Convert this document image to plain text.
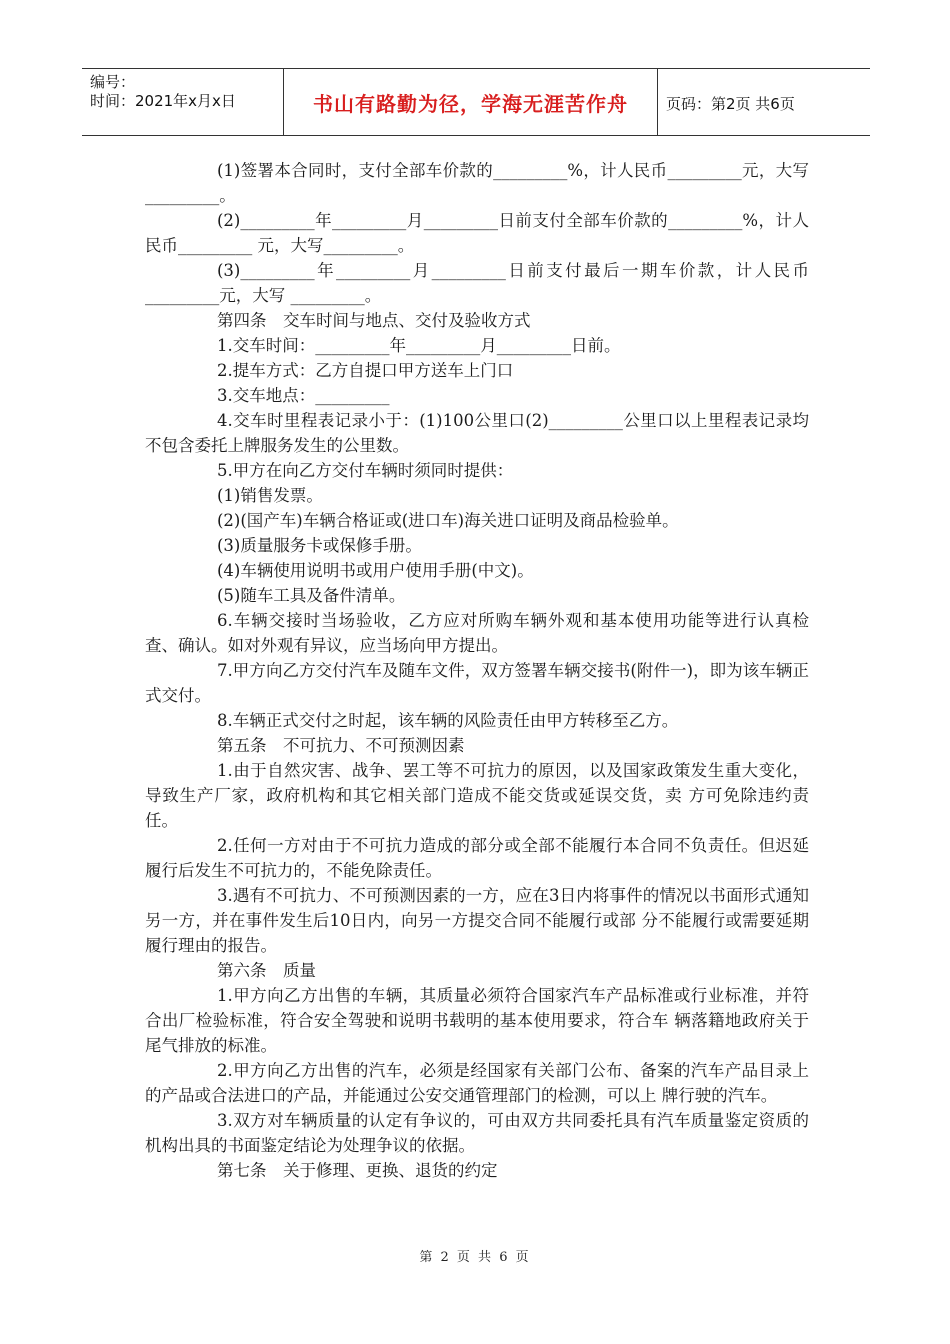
编号：
时间：2021年x月x日	书山有路勤为径，学海无涯苦作舟	页码：第2页 共6页

(1)签署本合同时，支付全部车价款的_________%，计人民币_________元，大写_________。

(2)_________年_________月_________日前支付全部车价款的_________%，计人民币_________ 元，大写_________。

(3)_________年_________月_________日前支付最后一期车价款，计人民币_________元，大写 _________。

第四条　交车时间与地点、交付及验收方式

1.交车时间：_________年_________月_________日前。

2.提车方式：乙方自提口甲方送车上门口

3.交车地点：_________

4.交车时里程表记录小于：(1)100公里口(2)_________公里口以上里程表记录均不包含委托上牌服务发生的公里数。

5.甲方在向乙方交付车辆时须同时提供：

(1)销售发票。

(2)(国产车)车辆合格证或(进口车)海关进口证明及商品检验单。

(3)质量服务卡或保修手册。

(4)车辆使用说明书或用户使用手册(中文)。

(5)随车工具及备件清单。

6.车辆交接时当场验收，乙方应对所购车辆外观和基本使用功能等进行认真检查、确认。如对外观有异议，应当场向甲方提出。

7.甲方向乙方交付汽车及随车文件，双方签署车辆交接书(附件一)，即为该车辆正式交付。

8.车辆正式交付之时起，该车辆的风险责任由甲方转移至乙方。

第五条　不可抗力、不可预测因素

1.由于自然灾害、战争、罢工等不可抗力的原因，以及国家政策发生重大变化，导致生产厂家，政府机构和其它相关部门造成不能交货或延误交货，卖 方可免除违约责任。

2.任何一方对由于不可抗力造成的部分或全部不能履行本合同不负责任。但迟延履行后发生不可抗力的，不能免除责任。

3.遇有不可抗力、不可预测因素的一方，应在3日内将事件的情况以书面形式通知另一方，并在事件发生后10日内，向另一方提交合同不能履行或部 分不能履行或需要延期履行理由的报告。

第六条　质量

1.甲方向乙方出售的车辆，其质量必须符合国家汽车产品标准或行业标准，并符合出厂检验标准，符合安全驾驶和说明书载明的基本使用要求，符合车 辆落籍地政府关于尾气排放的标准。

2.甲方向乙方出售的汽车，必须是经国家有关部门公布、备案的汽车产品目录上的产品或合法进口的产品，并能通过公安交通管理部门的检测，可以上 牌行驶的汽车。

3.双方对车辆质量的认定有争议的，可由双方共同委托具有汽车质量鉴定资质的机构出具的书面鉴定结论为处理争议的依据。

第七条　关于修理、更换、退货的约定

第 2 页 共 6 页
